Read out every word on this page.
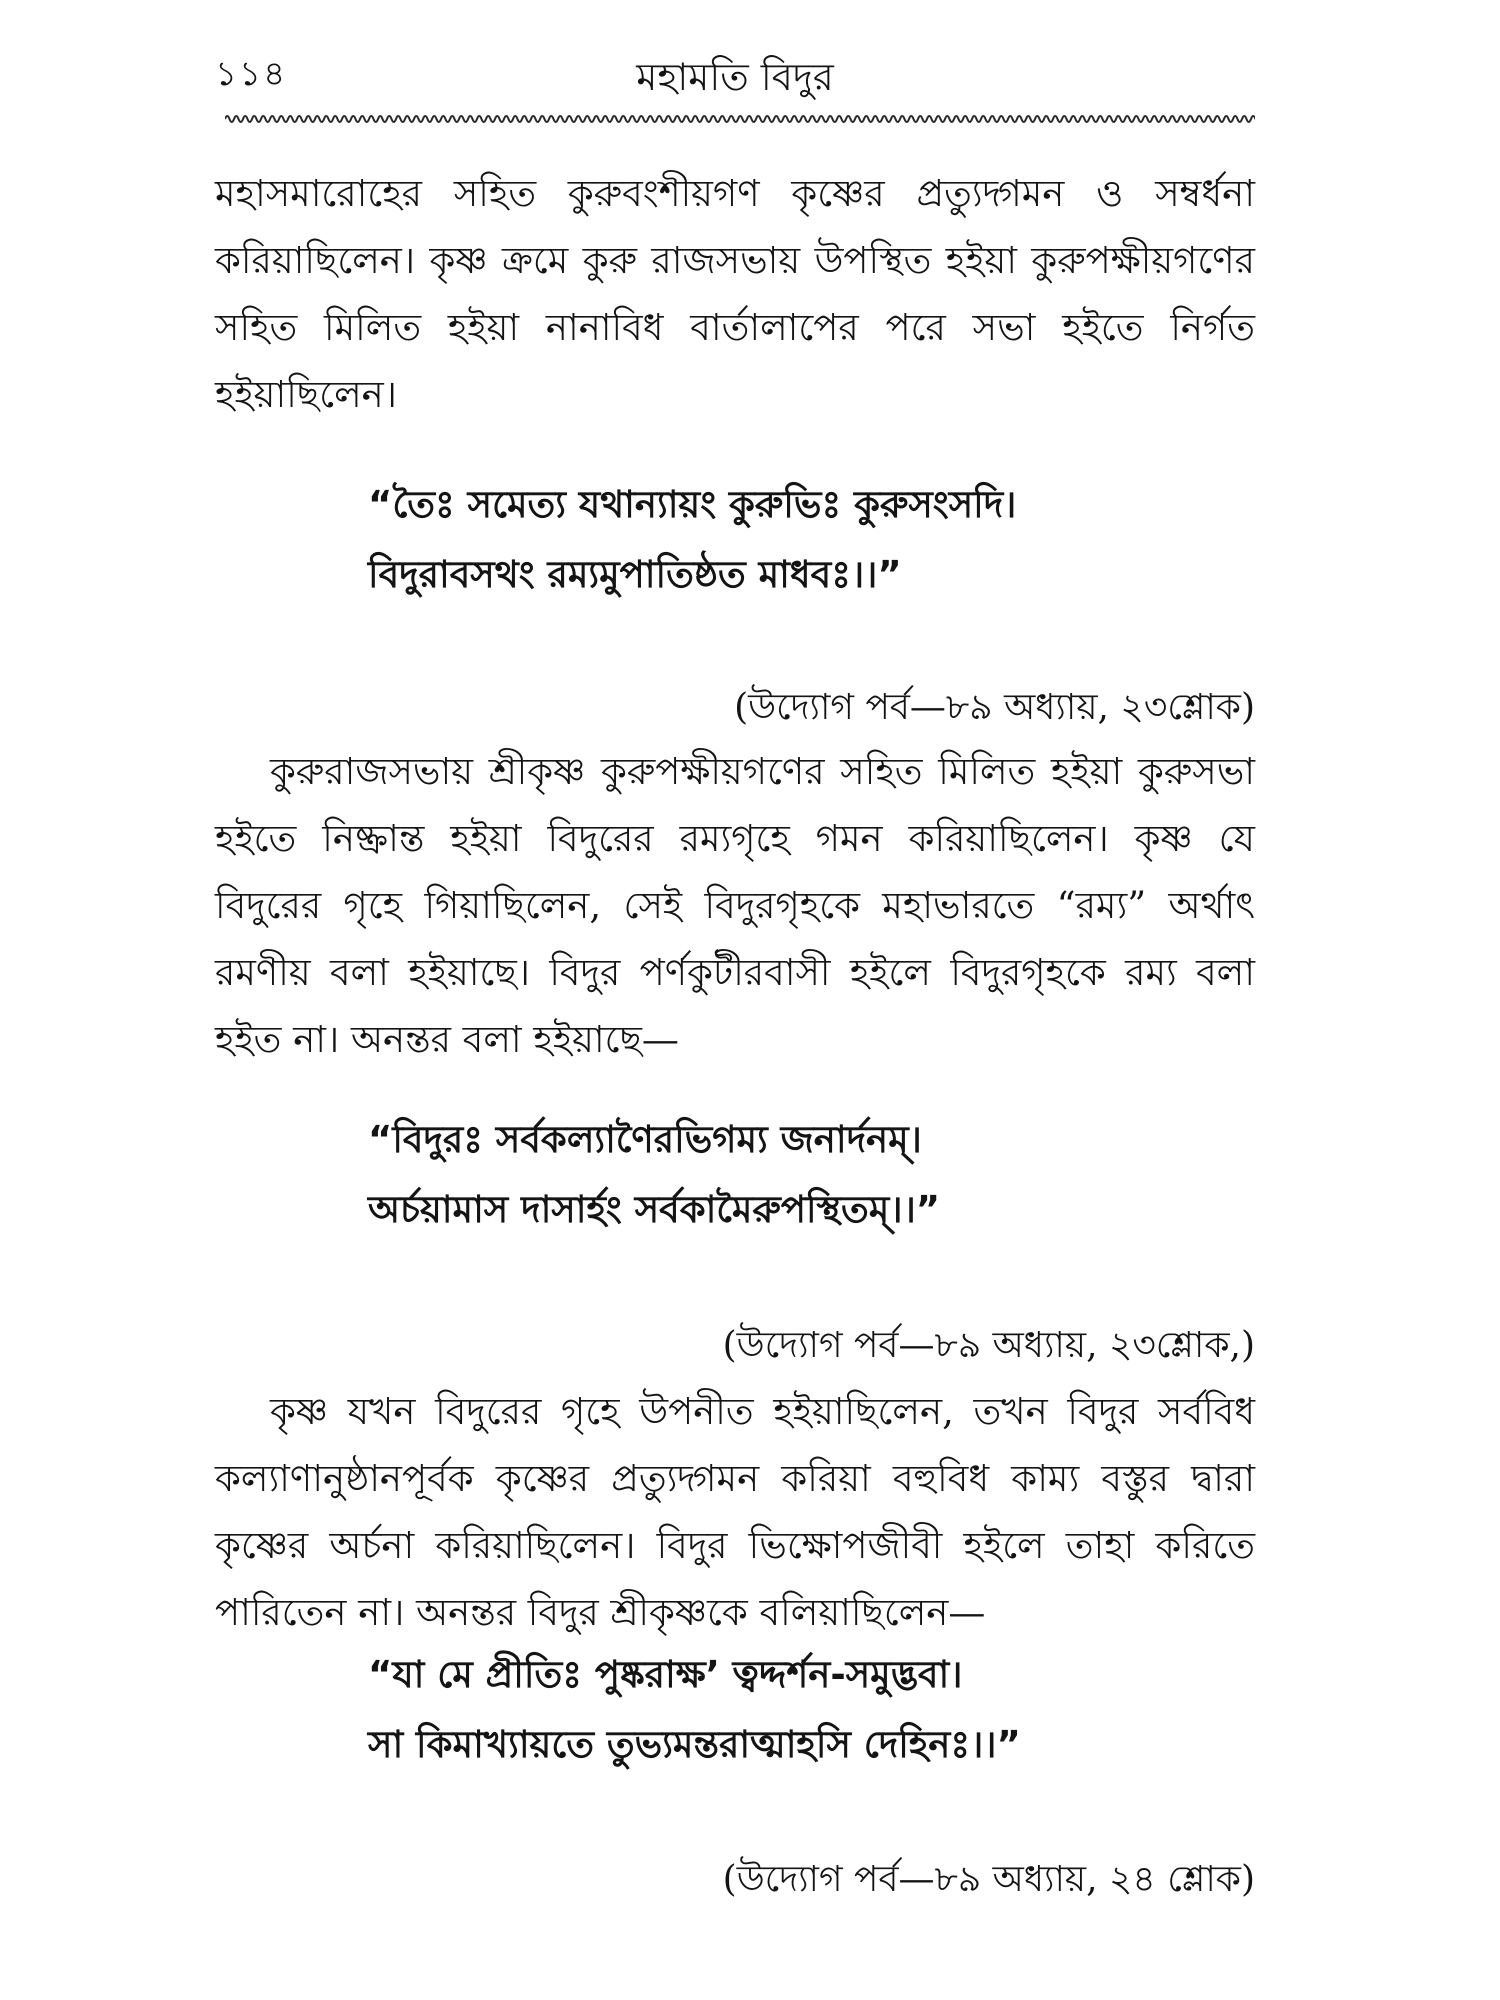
১১৪	মহামতি বিদুর

মহাসমারোহের সহিত কুরুবংশীয়গণ কৃষ্ণের প্রত্যুদ্গমন ও সম্বর্ধনা করিয়াছিলেন। কৃষ্ণ ক্রমে কুরু রাজসভায় উপস্থিত হইয়া কুরুপক্ষীয়গণের সহিত মিলিত হইয়া নানাবিধ বার্তালাপের পরে সভা হইতে নির্গত হইয়াছিলেন।

“তৈঃ সমেত্য যথান্যায়ং কুরুভিঃ কুরুসংসদি।
বিদুরাবসথং রম্যমুপাতিষ্ঠত মাধবঃ।।”
(উদ্যোগ পর্ব—৮৯ অধ্যায়, ২৩শ্লোক)

কুরুরাজসভায় শ্রীকৃষ্ণ কুরুপক্ষীয়গণের সহিত মিলিত হইয়া কুরুসভা হইতে নিষ্ক্রান্ত হইয়া বিদুরের রম্যগৃহে গমন করিয়াছিলেন। কৃষ্ণ যে বিদুরের গৃহে গিয়াছিলেন, সেই বিদুরগৃহকে মহাভারতে “রম্য” অর্থাৎ রমণীয় বলা হইয়াছে। বিদুর পর্ণকুটীরবাসী হইলে বিদুরগৃহকে রম্য বলা হইত না। অনন্তর বলা হইয়াছে—

“বিদুরঃ সর্বকল্যাণৈরভিগম্য জনার্দনম্।
অর্চয়ামাস দাসার্হং সর্বকামৈরুপস্থিতম্।।”
(উদ্যোগ পর্ব—৮৯ অধ্যায়, ২৩শ্লোক,)

কৃষ্ণ যখন বিদুরের গৃহে উপনীত হইয়াছিলেন, তখন বিদুর সর্ববিধ কল্যাণানুষ্ঠানপূর্বক কৃষ্ণের প্রত্যুদ্গমন করিয়া বহুবিধ কাম্য বস্তুর দ্বারা কৃষ্ণের অর্চনা করিয়াছিলেন। বিদুর ভিক্ষোপজীবী হইলে তাহা করিতে পারিতেন না। অনন্তর বিদুর শ্রীকৃষ্ণকে বলিয়াছিলেন—

“যা মে প্রীতিঃ পুষ্করাক্ষ’ ত্বদ্দর্শন-সমুদ্ভবা।
সা কিমাখ্যায়তে তুভ্যমন্তরাত্মাহসি দেহিনঃ।।”
(উদ্যোগ পর্ব—৮৯ অধ্যায়, ২৪ শ্লোক)
